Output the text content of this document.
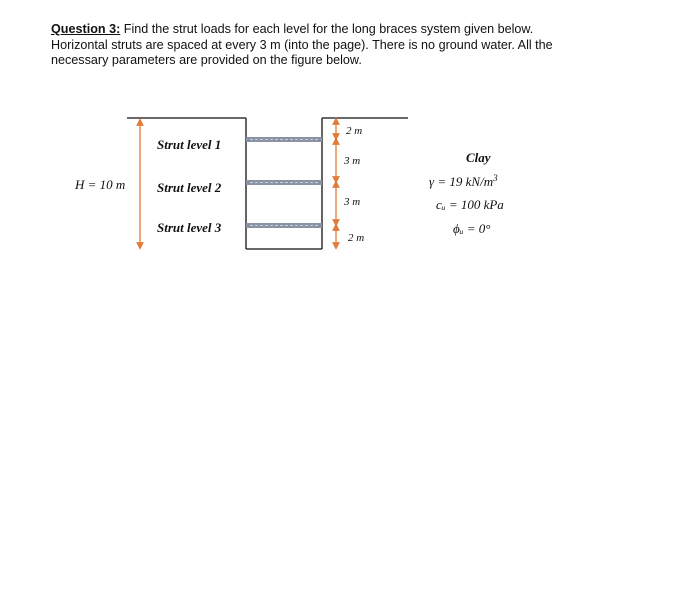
Question 3: Find the strut loads for each level for the long braces system given below.

Horizontal struts are spaced at every 3 m (into the page). There is no ground water. All the

necessary parameters are provided on the figure below.

H = 10 m
Strut level 1
Strut level 2
Strut level 3
2 m
3 m
3 m
2 m
Clay
γ = 19 $kN/m^3$
cᵤ = 100 kPa
ϕᵤ = 0°
